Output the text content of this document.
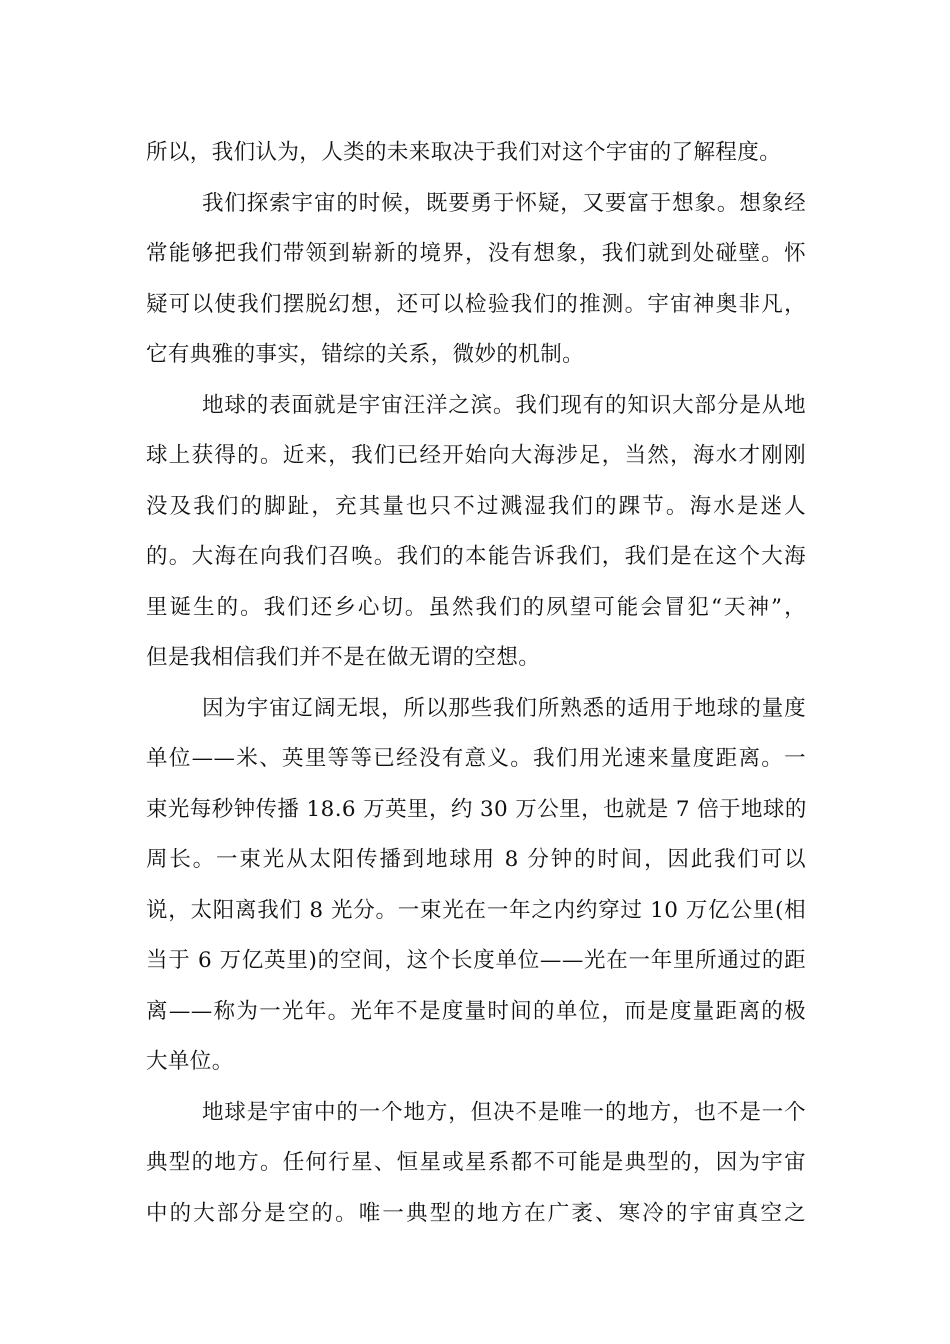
所以，我们认为，人类的未来取决于我们对这个宇宙的了解程度。
我们探索宇宙的时候，既要勇于怀疑，又要富于想象。想象经
常能够把我们带领到崭新的境界，没有想象，我们就到处碰壁。怀
疑可以使我们摆脱幻想，还可以检验我们的推测。宇宙神奥非凡，
它有典雅的事实，错综的关系，微妙的机制。
地球的表面就是宇宙汪洋之滨。我们现有的知识大部分是从地
球上获得的。近来，我们已经开始向大海涉足，当然，海水才刚刚
没及我们的脚趾，充其量也只不过溅湿我们的踝节。海水是迷人
的。大海在向我们召唤。我们的本能告诉我们，我们是在这个大海
里诞生的。我们还乡心切。虽然我们的夙望可能会冒犯“天神”，
但是我相信我们并不是在做无谓的空想。
因为宇宙辽阔无垠，所以那些我们所熟悉的适用于地球的量度
单位——米、英里等等已经没有意义。我们用光速来量度距离。一
束光每秒钟传播 18.6 万英里，约 30 万公里，也就是 7 倍于地球的
周长。一束光从太阳传播到地球用 8 分钟的时间，因此我们可以
说，太阳离我们 8 光分。一束光在一年之内约穿过 10 万亿公里(相
当于 6 万亿英里)的空间，这个长度单位——光在一年里所通过的距
离——称为一光年。光年不是度量时间的单位，而是度量距离的极
大单位。
地球是宇宙中的一个地方，但决不是唯一的地方，也不是一个
典型的地方。任何行星、恒星或星系都不可能是典型的，因为宇宙
中的大部分是空的。唯一典型的地方在广袤、寒冷的宇宙真空之
